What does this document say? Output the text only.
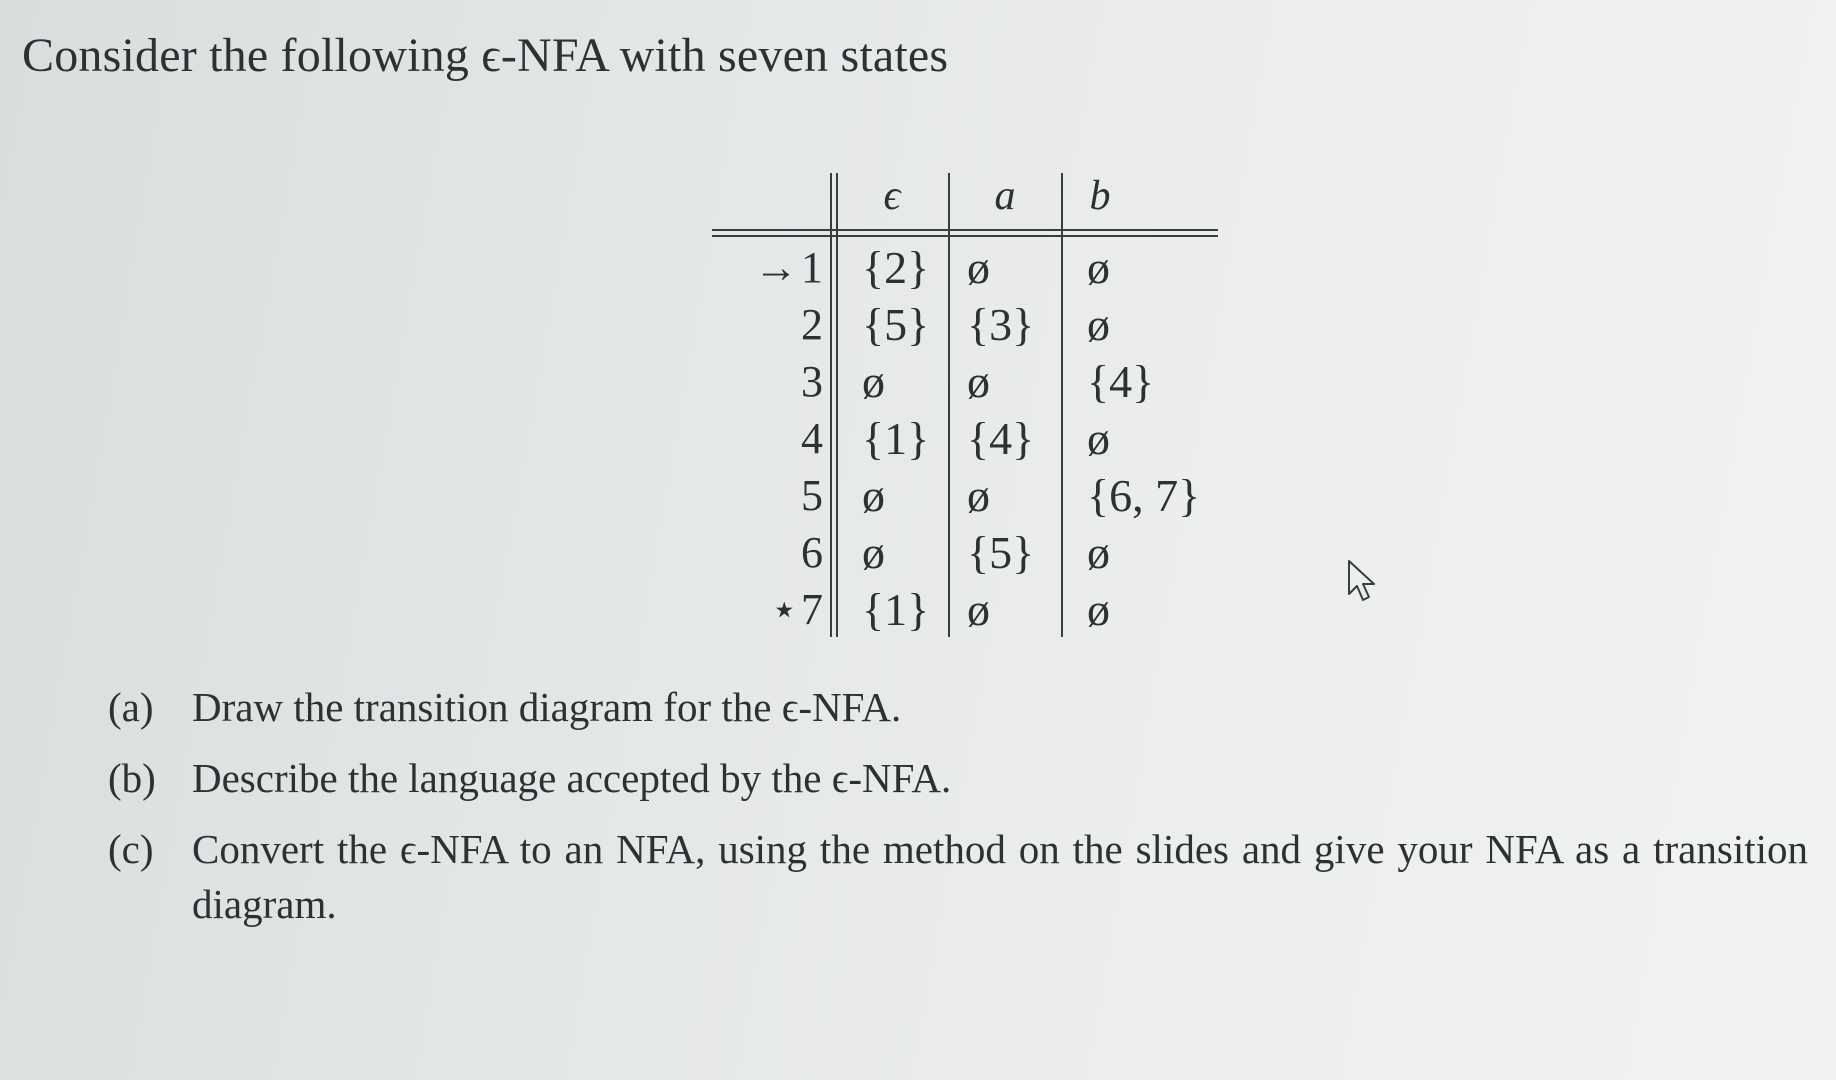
Consider the following ϵ-NFA with seven states
ϵ a b
→ 1 {2} ø ø
2 {5} {3} ø
3 ø ø {4}
4 {1} {4} ø
5 ø ø {6, 7}
6 ø {5} ø
⋆ 7 {1} ø ø
(a) Draw the transition diagram for the ϵ-NFA.
(b) Describe the language accepted by the ϵ-NFA.
(c) Convert the ϵ-NFA to an NFA, using the method on the slides and give your NFA as a transition diagram.
